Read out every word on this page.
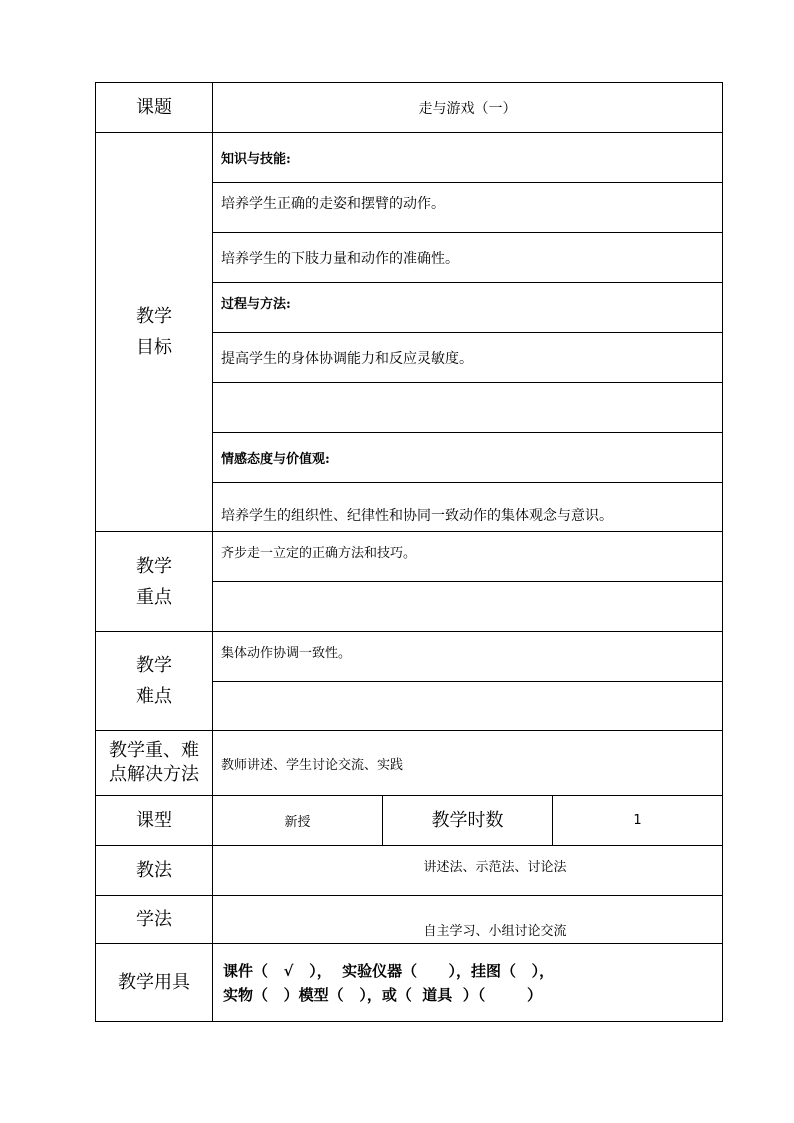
课题	走与游戏（一）		

教学
目标	知识与技能:		
	培养学生正确的走姿和摆臂的动作。		
	培养学生的下肢力量和动作的准确性。		
	过程与方法:		
	提高学生的身体协调能力和反应灵敏度。		

	情感态度与价值观:		
	培养学生的组织性、纪律性和协同一致动作的集体观念与意识。		

教学
重点	齐步走一立定的正确方法和技巧。		

教学
难点	集体动作协调一致性。		

教学重、难
点解决方法	教师讲述、学生讨论交流、实践		
课型	新授	教学时数	1
教法	讲述法、示范法、讨论法		
学法	自主学习、小组讨论交流		
教学用具	课件（   √   ），  实验仪器（      ），挂图（   ），
实物（   ）模型（   ），或（  道具  ）（        ）		
